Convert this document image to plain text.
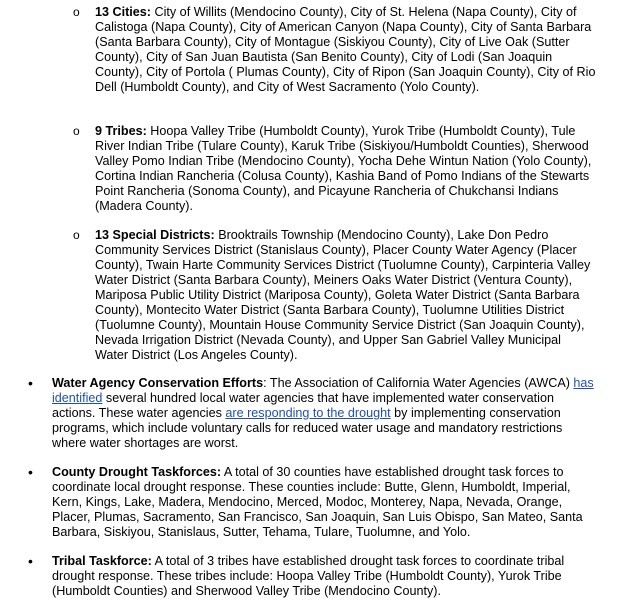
o 13 Cities: City of Willits (Mendocino County), City of St. Helena (Napa County), City of Calistoga (Napa County), City of American Canyon (Napa County), City of Santa Barbara (Santa Barbara County), City of Montague (Siskiyou County), City of Live Oak (Sutter County), City of San Juan Bautista (San Benito County), City of Lodi (San Joaquin County), City of Portola ( Plumas County), City of Ripon (San Joaquin County), City of Rio Dell (Humboldt County), and City of West Sacramento (Yolo County).

o 9 Tribes: Hoopa Valley Tribe (Humboldt County), Yurok Tribe (Humboldt County), Tule River Indian Tribe (Tulare County), Karuk Tribe (Siskiyou/Humboldt Counties), Sherwood Valley Pomo Indian Tribe (Mendocino County), Yocha Dehe Wintun Nation (Yolo County), Cortina Indian Rancheria (Colusa County), Kashia Band of Pomo Indians of the Stewarts Point Rancheria (Sonoma County), and Picayune Rancheria of Chukchansi Indians (Madera County).

o 13 Special Districts: Brooktrails Township (Mendocino County), Lake Don Pedro Community Services District (Stanislaus County), Placer County Water Agency (Placer County), Twain Harte Community Services District (Tuolumne County), Carpinteria Valley Water District (Santa Barbara County), Meiners Oaks Water District (Ventura County), Mariposa Public Utility District (Mariposa County), Goleta Water District (Santa Barbara County), Montecito Water District (Santa Barbara County), Tuolumne Utilities District (Tuolumne County), Mountain House Community Service District (San Joaquin County), Nevada Irrigation District (Nevada County), and Upper San Gabriel Valley Municipal Water District (Los Angeles County).

• Water Agency Conservation Efforts: The Association of California Water Agencies (AWCA) has identified several hundred local water agencies that have implemented water conservation actions. These water agencies are responding to the drought by implementing conservation programs, which include voluntary calls for reduced water usage and mandatory restrictions where water shortages are worst.

• County Drought Taskforces: A total of 30 counties have established drought task forces to coordinate local drought response. These counties include: Butte, Glenn, Humboldt, Imperial, Kern, Kings, Lake, Madera, Mendocino, Merced, Modoc, Monterey, Napa, Nevada, Orange, Placer, Plumas, Sacramento, San Francisco, San Joaquin, San Luis Obispo, San Mateo, Santa Barbara, Siskiyou, Stanislaus, Sutter, Tehama, Tulare, Tuolumne, and Yolo.

• Tribal Taskforce: A total of 3 tribes have established drought task forces to coordinate tribal drought response. These tribes include: Hoopa Valley Tribe (Humboldt County), Yurok Tribe (Humboldt Counties) and Sherwood Valley Tribe (Mendocino County).
